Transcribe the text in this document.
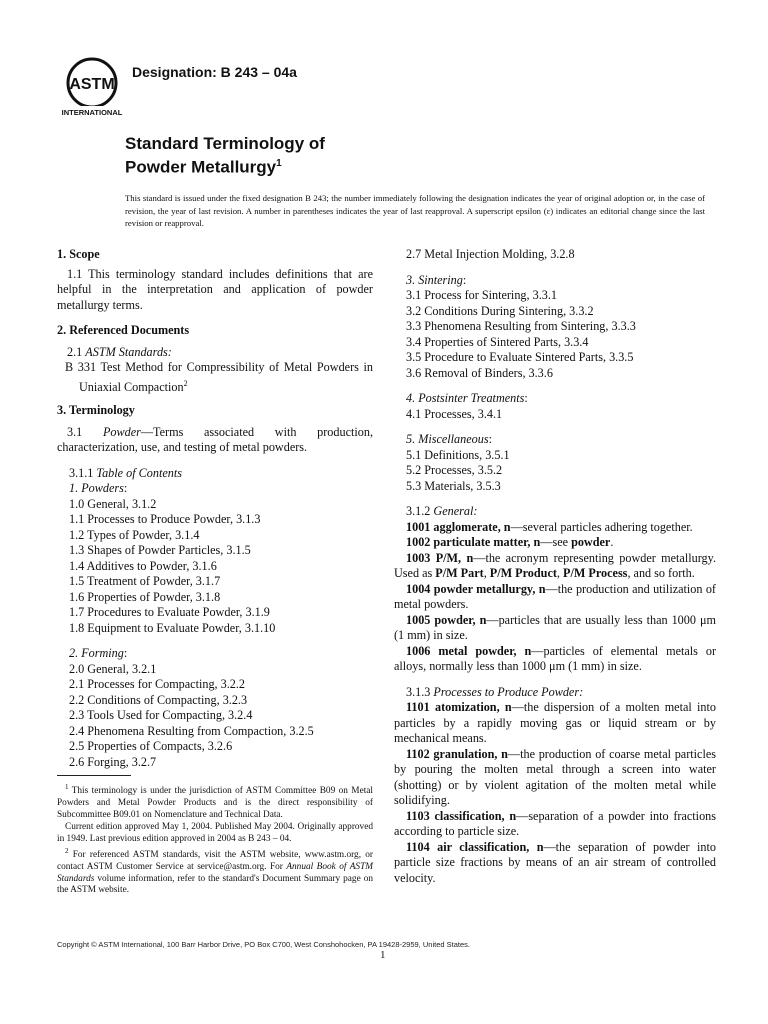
ASTM
INTERNATIONAL
Designation: B 243 – 04a
Standard Terminology of
Powder Metallurgy$^1$
This standard is issued under the fixed designation B 243; the number immediately following the designation indicates the year of original adoption or, in the case of revision, the year of last revision. A number in parentheses indicates the year of last reapproval. A superscript epsilon (ε) indicates an editorial change since the last revision or reapproval.

1. Scope

1.1 This terminology standard includes definitions that are helpful in the interpretation and application of powder metallurgy terms.

2. Referenced Documents

2.1 ASTM Standards:

B 331 Test Method for Compressibility of Metal Powders in Uniaxial Compaction$^2$

3. Terminology

3.1 Powder—Terms associated with production, characterization, use, and testing of metal powders.

3.1.1 Table of Contents

1. Powders:

1.0 General, 3.1.2

1.1 Processes to Produce Powder, 3.1.3

1.2 Types of Powder, 3.1.4

1.3 Shapes of Powder Particles, 3.1.5

1.4 Additives to Powder, 3.1.6

1.5 Treatment of Powder, 3.1.7

1.6 Properties of Powder, 3.1.8

1.7 Procedures to Evaluate Powder, 3.1.9

1.8 Equipment to Evaluate Powder, 3.1.10

2. Forming:

2.0 General, 3.2.1

2.1 Processes for Compacting, 3.2.2

2.2 Conditions of Compacting, 3.2.3

2.3 Tools Used for Compacting, 3.2.4

2.4 Phenomena Resulting from Compaction, 3.2.5

2.5 Properties of Compacts, 3.2.6

2.6 Forging, 3.2.7

$^1$ This terminology is under the jurisdiction of ASTM Committee B09 on Metal Powders and Metal Powder Products and is the direct responsibility of Subcommittee B09.01 on Nomenclature and Technical Data.

Current edition approved May 1, 2004. Published May 2004. Originally approved in 1949. Last previous edition approved in 2004 as B 243 – 04.

$^2$ For referenced ASTM standards, visit the ASTM website, www.astm.org, or contact ASTM Customer Service at service@astm.org. For Annual Book of ASTM Standards volume information, refer to the standard's Document Summary page on the ASTM website.

2.7 Metal Injection Molding, 3.2.8

3. Sintering:

3.1 Process for Sintering, 3.3.1

3.2 Conditions During Sintering, 3.3.2

3.3 Phenomena Resulting from Sintering, 3.3.3

3.4 Properties of Sintered Parts, 3.3.4

3.5 Procedure to Evaluate Sintered Parts, 3.3.5

3.6 Removal of Binders, 3.3.6

4. Postsinter Treatments:

4.1 Processes, 3.4.1

5. Miscellaneous:

5.1 Definitions, 3.5.1

5.2 Processes, 3.5.2

5.3 Materials, 3.5.3

3.1.2 General:

1001 agglomerate, n—several particles adhering together.

1002 particulate matter, n—see powder.

1003 P/M, n—the acronym representing powder metallurgy. Used as P/M Part, P/M Product, P/M Process, and so forth.

1004 powder metallurgy, n—the production and utilization of metal powders.

1005 powder, n—particles that are usually less than 1000 μm (1 mm) in size.

1006 metal powder, n—particles of elemental metals or alloys, normally less than 1000 μm (1 mm) in size.

3.1.3 Processes to Produce Powder:

1101 atomization, n—the dispersion of a molten metal into particles by a rapidly moving gas or liquid stream or by mechanical means.

1102 granulation, n—the production of coarse metal particles by pouring the molten metal through a screen into water (shotting) or by violent agitation of the molten metal while solidifying.

1103 classification, n—separation of a powder into fractions according to particle size.

1104 air classification, n—the separation of powder into particle size fractions by means of an air stream of controlled velocity.

Copyright © ASTM International, 100 Barr Harbor Drive, PO Box C700, West Conshohocken, PA 19428-2959, United States.
1
